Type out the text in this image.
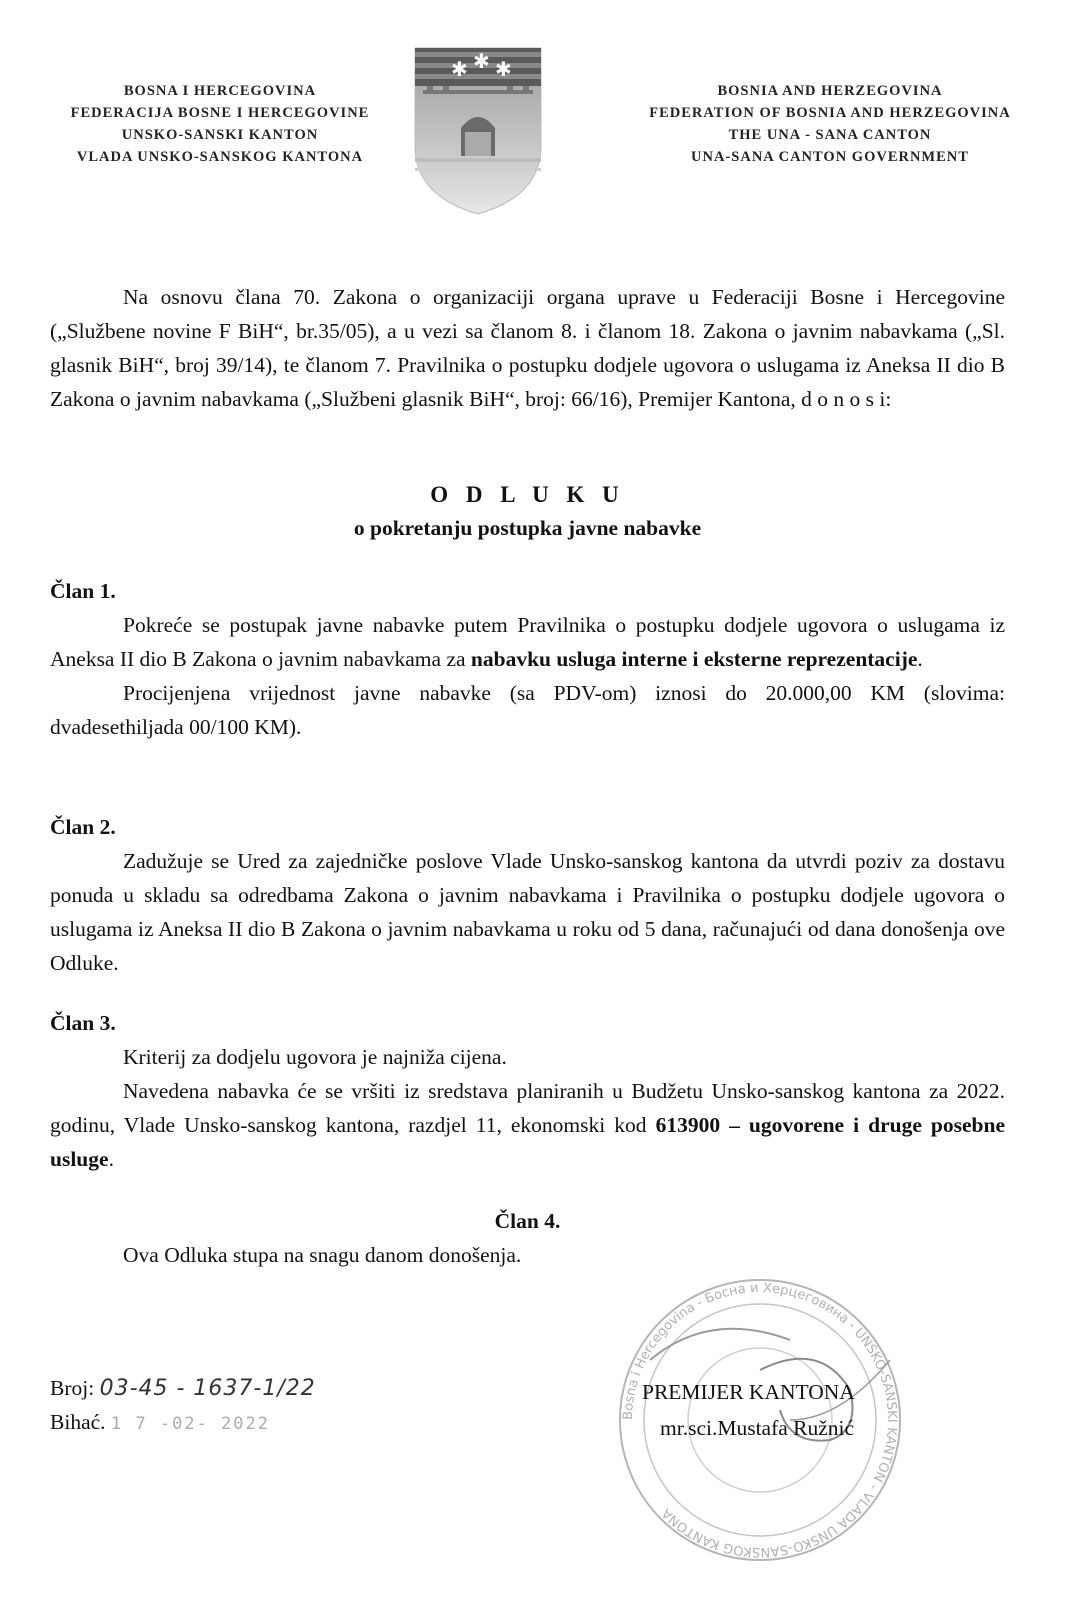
BOSNA I HERCEGOVINA
FEDERACIJA BOSNE I HERCEGOVINE
UNSKO-SANSKI KANTON
VLADA UNSKO-SANSKOG KANTONA
✱ ✱ ✱
BOSNIA AND HERZEGOVINA
FEDERATION OF BOSNIA AND HERZEGOVINA
THE UNA - SANA CANTON
UNA-SANA CANTON GOVERNMENT

Na osnovu člana 70. Zakona o organizaciji organa uprave u Federaciji Bosne i Hercegovine („Službene novine F BiH“, br.35/05), a u vezi sa članom 8. i članom 18. Zakona o javnim nabavkama („Sl. glasnik BiH“, broj 39/14), te članom 7. Pravilnika o postupku dodjele ugovora o uslugama iz Aneksa II dio B Zakona o javnim nabavkama („Službeni glasnik BiH“, broj: 66/16), Premijer Kantona, d o n o s i:

O D L U K U
o pokretanju postupka javne nabavke

Član 1.

Pokreće se postupak javne nabavke putem Pravilnika o postupku dodjele ugovora o uslugama iz Aneksa II dio B Zakona o javnim nabavkama za nabavku usluga interne i eksterne reprezentacije.

Procijenjena vrijednost javne nabavke (sa PDV-om) iznosi do 20.000,00 KM (slovima: dvadesethiljada 00/100 KM).

Član 2.

Zadužuje se Ured za zajedničke poslove Vlade Unsko-sanskog kantona da utvrdi poziv za dostavu ponuda u skladu sa odredbama Zakona o javnim nabavkama i Pravilnika o postupku dodjele ugovora o uslugama iz Aneksa II dio B Zakona o javnim nabavkama u roku od 5 dana, računajući od dana donošenja ove Odluke.

Član 3.

Kriterij za dodjelu ugovora je najniža cijena.

Navedena nabavka će se vršiti iz sredstava planiranih u Budžetu Unsko-sanskog kantona za 2022. godinu, Vlade Unsko-sanskog kantona, razdjel 11, ekonomski kod 613900 – ugovorene i druge posebne usluge.

Član 4.

Ova Odluka stupa na snagu danom donošenja.

Bosna i Hercegovina - Босна и Херцеговина - UNSKO-SANSKI KANTON - VLADA UNSKO-SANSKOG KANTONA
PREMIJER KANTONA
mr.sci.Mustafa Ružnić
Broj: 03-45 - 1637-1/22
Bihać. 1 7 -02- 2022
